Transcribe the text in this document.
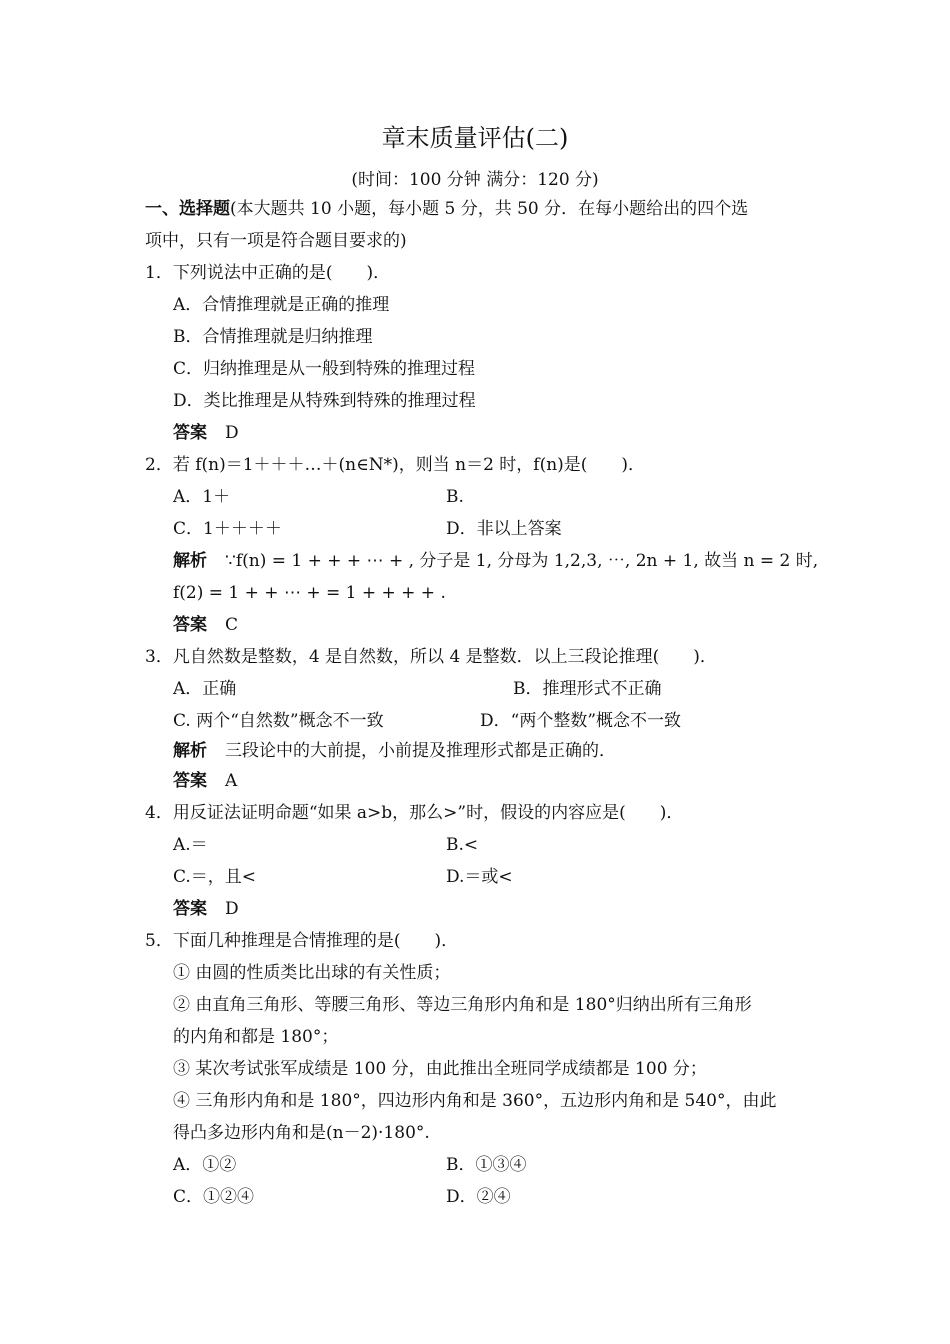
章末质量评估(二)
(时间：100 分钟 满分：120 分)
一、选择题(本大题共 10 小题，每小题 5 分，共 50 分．在每小题给出的四个选
项中，只有一项是符合题目要求的)
1．下列说法中正确的是(　　)．
A．合情推理就是正确的推理
B．合情推理就是归纳推理
C．归纳推理是从一般到特殊的推理过程
D．类比推理是从特殊到特殊的推理过程
答案 D
2．若 f(n)＝1＋＋＋…＋(n∈N*)，则当 n＝2 时，f(n)是(　　)．
A．1＋	B.
C．1＋＋＋＋	D．非以上答案
解析 ∵f(n) = 1 + + + ⋯ + , 分子是 1, 分母为 1,2,3, ⋯, 2n + 1, 故当 n = 2 时,
f(2) = 1 + + ⋯ + = 1 + + + + .
答案 C
3．凡自然数是整数，4 是自然数，所以 4 是整数．以上三段论推理(　　)．
A．正确	B．推理形式不正确
C. 两个“自然数”概念不一致	D．“两个整数”概念不一致
解析 三段论中的大前提，小前提及推理形式都是正确的．
答案 A
4．用反证法证明命题“如果 a>b，那么>”时，假设的内容应是(　　)．
A.＝	B.<
C.＝，且<	D.＝或<
答案 D
5．下面几种推理是合情推理的是(　　)．
① 由圆的性质类比出球的有关性质；
② 由直角三角形、等腰三角形、等边三角形内角和是 180°归纳出所有三角形
的内角和都是 180°；
③ 某次考试张军成绩是 100 分，由此推出全班同学成绩都是 100 分；
④ 三角形内角和是 180°，四边形内角和是 360°，五边形内角和是 540°，由此
得凸多边形内角和是(n－2)·180°.
A．①②	B．①③④
C．①②④	D．②④
